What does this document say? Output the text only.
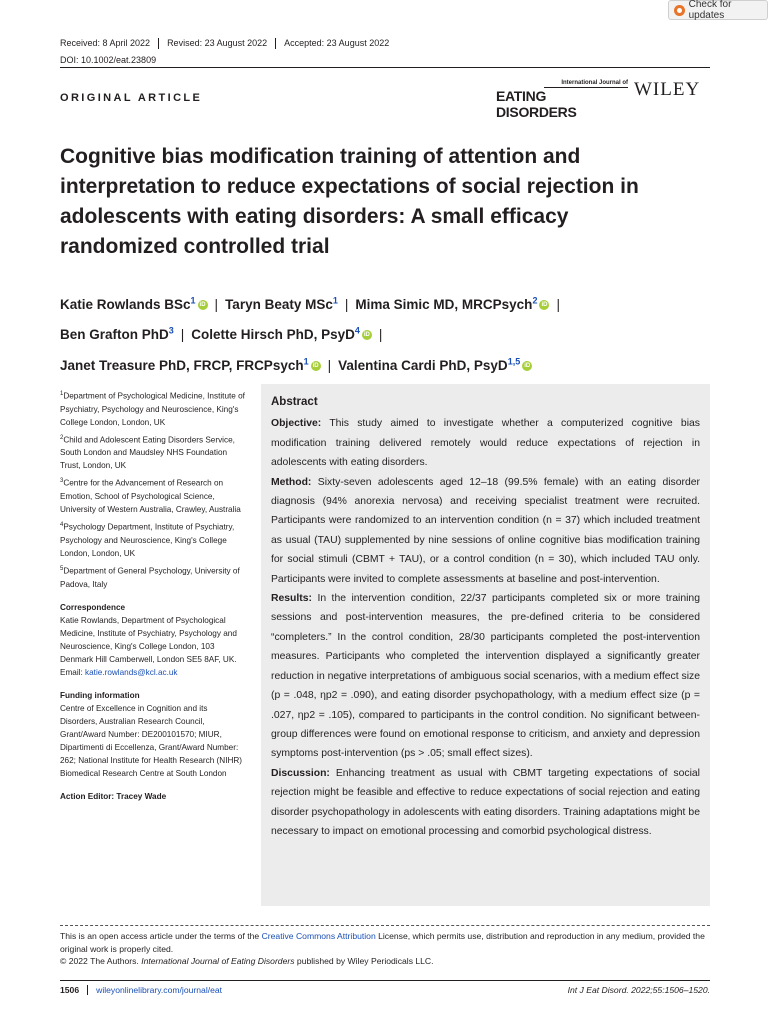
Check for updates
Received: 8 April 2022	Revised: 23 August 2022	Accepted: 23 August 2022
DOI: 10.1002/eat.23809
ORIGINAL ARTICLE
International Journal of
EATING DISORDERS
WILEY
Cognitive bias modification training of attention and interpretation to reduce expectations of social rejection in adolescents with eating disorders: A small efficacy randomized controlled trial
Katie Rowlands BSc$^1$ iD | Taryn Beaty MSc$^1$ | Mima Simic MD, MRCPsych$^2$ iD |
Ben Grafton PhD$^3$ | Colette Hirsch PhD, PsyD$^4$ iD |
Janet Treasure PhD, FRCP, FRCPsych$^1$ iD | Valentina Cardi PhD, PsyD$^{1,5}$ iD

$^1$Department of Psychological Medicine, Institute of Psychiatry, Psychology and Neuroscience, King's College London, London, UK

$^2$Child and Adolescent Eating Disorders Service, South London and Maudsley NHS Foundation Trust, London, UK

$^3$Centre for the Advancement of Research on Emotion, School of Psychological Science, University of Western Australia, Crawley, Australia

$^4$Psychology Department, Institute of Psychiatry, Psychology and Neuroscience, King's College London, London, UK

$^5$Department of General Psychology, University of Padova, Italy

Correspondence

Katie Rowlands, Department of Psychological Medicine, Institute of Psychiatry, Psychology and Neuroscience, King's College London, 103 Denmark Hill Camberwell, London SE5 8AF, UK.
Email: katie.rowlands@kcl.ac.uk

Funding information

Centre of Excellence in Cognition and its Disorders, Australian Research Council, Grant/Award Number: DE200101570; MIUR, Dipartimenti di Eccellenza, Grant/Award Number: 262; National Institute for Health Research (NIHR) Biomedical Research Centre at South London

Action Editor: Tracey Wade

Abstract

Objective: This study aimed to investigate whether a computerized cognitive bias modification training delivered remotely would reduce expectations of rejection in adolescents with eating disorders.

Method: Sixty-seven adolescents aged 12–18 (99.5% female) with an eating disorder diagnosis (94% anorexia nervosa) and receiving specialist treatment were recruited. Participants were randomized to an intervention condition (n = 37) which included treatment as usual (TAU) supplemented by nine sessions of online cognitive bias modification training for social stimuli (CBMT + TAU), or a control condition (n = 30), which included TAU only. Participants were invited to complete assessments at baseline and post-intervention.

Results: In the intervention condition, 22/37 participants completed six or more training sessions and post-intervention measures, the pre-defined criteria to be considered “completers.” In the control condition, 28/30 participants completed the post-intervention measures. Participants who completed the intervention displayed a significantly greater reduction in negative interpretations of ambiguous social scenarios, with a medium effect size (p = .048, ηp2 = .090), and eating disorder psychopathology, with a medium effect size (p = .027, ηp2 = .105), compared to participants in the control condition. No significant between-group differences were found on emotional response to criticism, and anxiety and depression symptoms post-intervention (ps > .05; small effect sizes).

Discussion: Enhancing treatment as usual with CBMT targeting expectations of social rejection might be feasible and effective to reduce expectations of social rejection and eating disorder psychopathology in adolescents with eating disorders. Training adaptations might be necessary to impact on emotional processing and comorbid psychological distress.

This is an open access article under the terms of the Creative Commons Attribution License, which permits use, distribution and reproduction in any medium, provided the original work is properly cited.

© 2022 The Authors. International Journal of Eating Disorders published by Wiley Periodicals LLC.

1506	wileyonlinelibrary.com/journal/eat	Int J Eat Disord. 2022;55:1506–1520.
